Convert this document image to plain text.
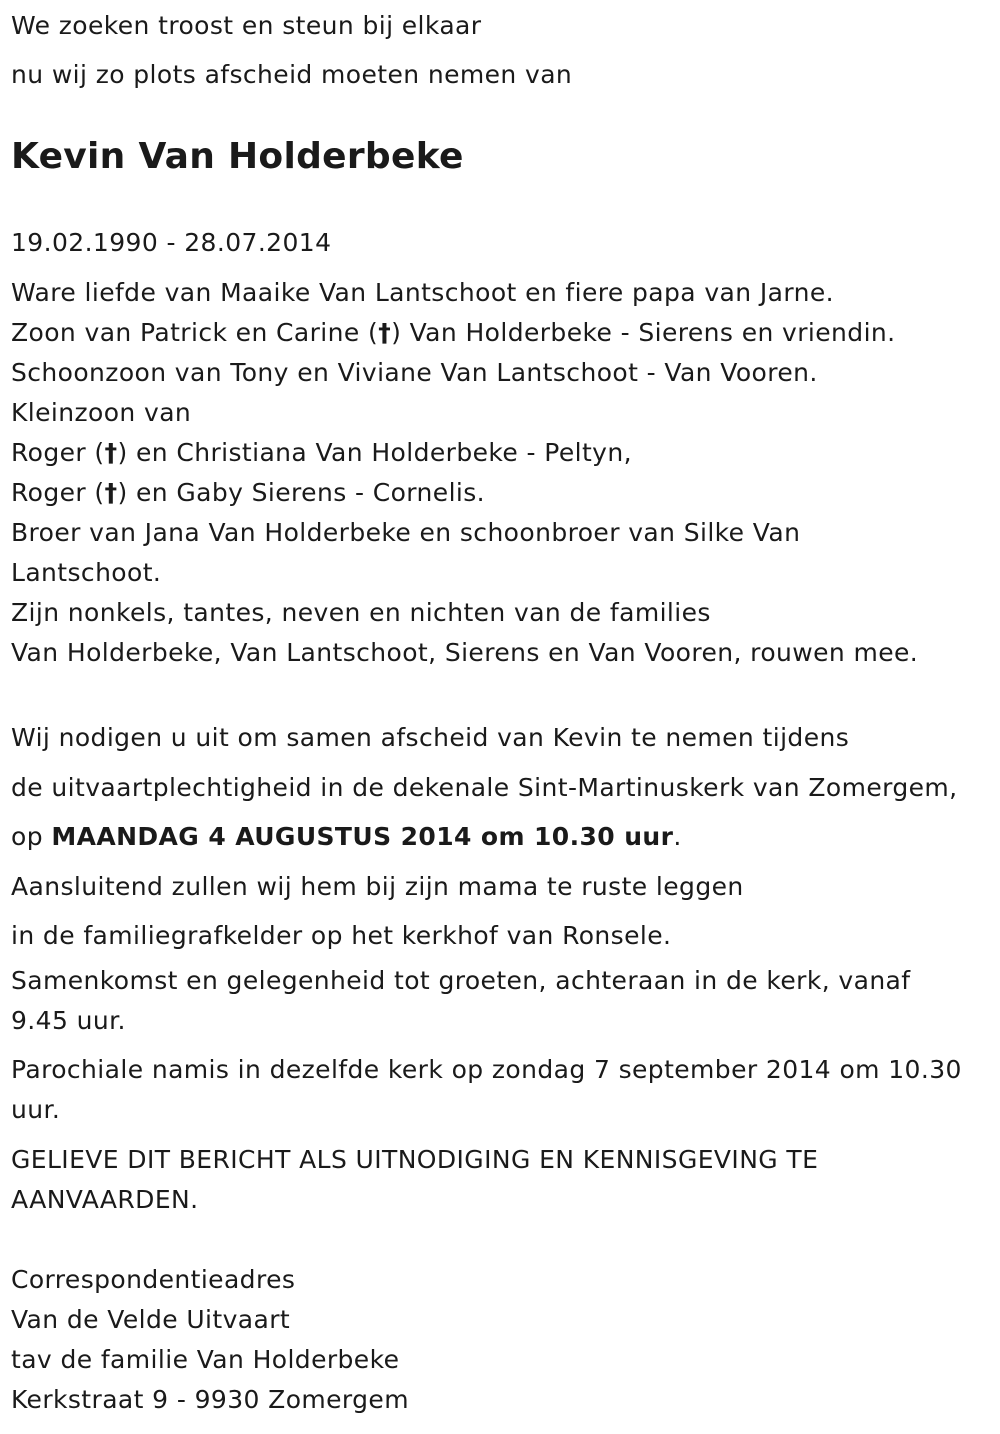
We zoeken troost en steun bij elkaar
nu wij zo plots afscheid moeten nemen van
Kevin Van Holderbeke
19.02.1990 - 28.07.2014
Ware liefde van Maaike Van Lantschoot en fiere papa van Jarne.
Zoon van Patrick en Carine (†) Van Holderbeke - Sierens en vriendin.
Schoonzoon van Tony en Viviane Van Lantschoot - Van Vooren.
Kleinzoon van
Roger (†) en Christiana Van Holderbeke - Peltyn,
Roger (†) en Gaby Sierens - Cornelis.
Broer van Jana Van Holderbeke en schoonbroer van Silke Van
Lantschoot.
Zijn nonkels, tantes, neven en nichten van de families
Van Holderbeke, Van Lantschoot, Sierens en Van Vooren, rouwen mee.
Wij nodigen u uit om samen afscheid van Kevin te nemen tijdens
de uitvaartplechtigheid in de dekenale Sint-Martinuskerk van Zomergem,
op MAANDAG 4 AUGUSTUS 2014 om 10.30 uur.
Aansluitend zullen wij hem bij zijn mama te ruste leggen
in de familiegrafkelder op het kerkhof van Ronsele.
Samenkomst en gelegenheid tot groeten, achteraan in de kerk, vanaf
9.45 uur.
Parochiale namis in dezelfde kerk op zondag 7 september 2014 om 10.30
uur.
GELIEVE DIT BERICHT ALS UITNODIGING EN KENNISGEVING TE
AANVAARDEN.
Correspondentieadres
Van de Velde Uitvaart
tav de familie Van Holderbeke
Kerkstraat 9 - 9930 Zomergem
